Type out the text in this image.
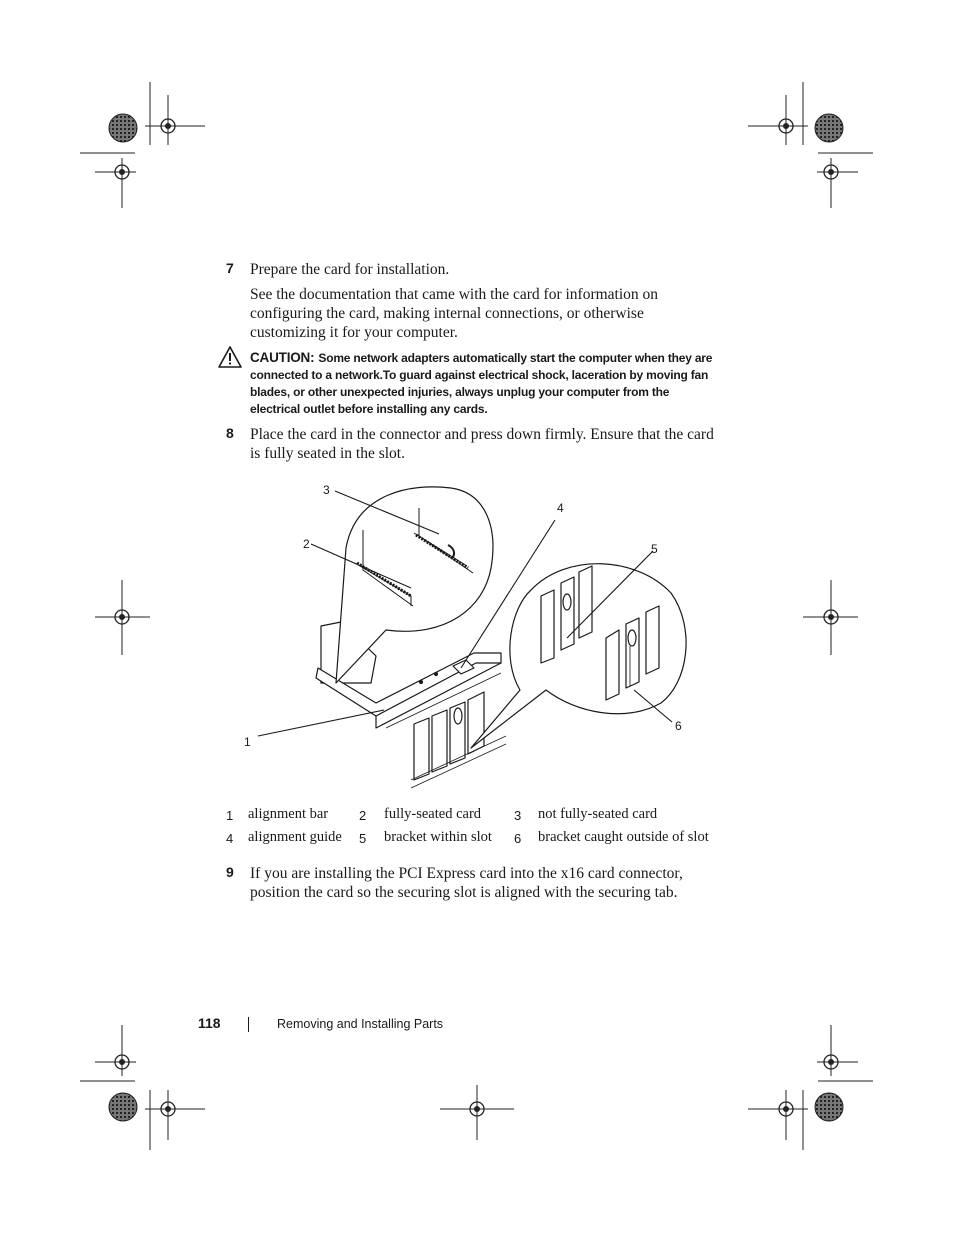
7 Prepare the card for installation.
See the documentation that came with the card for information on configuring the card, making internal connections, or otherwise customizing it for your computer.
CAUTION: Some network adapters automatically start the computer when they are connected to a network.To guard against electrical shock, laceration by moving fan blades, or other unexpected injuries, always unplug your computer from the electrical outlet before installing any cards.
8 Place the card in the connector and press down firmly. Ensure that the card is fully seated in the slot.
1
2
3
4
5
6
1 alignment bar 2 fully-seated card	3 not fully-seated card
4 alignment guide 5 bracket within slot 6 bracket caught outside of slot
9 If you are installing the PCI Express card into the x16 card connector, position the card so the securing slot is aligned with the securing tab.
118	Removing and Installing Parts
